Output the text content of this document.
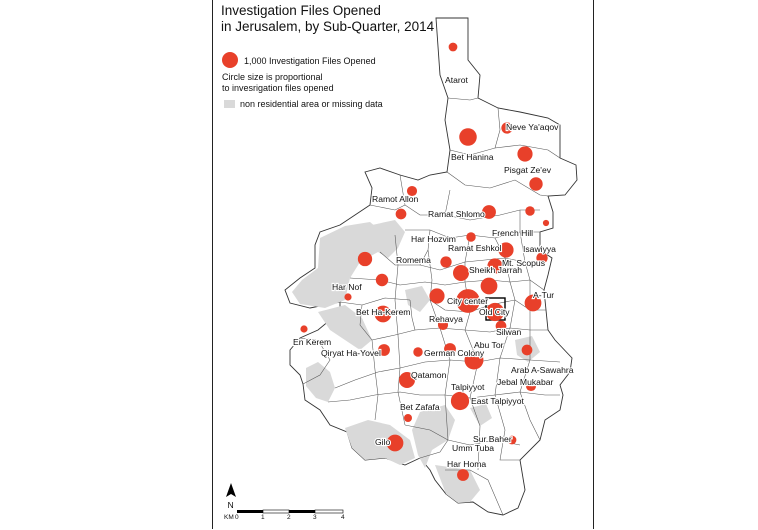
Investigation Files Opened
in Jerusalem, by Sub-Quarter, 2014
Atarot
Neve Ya'aqov
Bet Hanina
Pisgat Ze'ev
Ramot Allon
Ramat Shlomo
French Hill
Har Hozvim
Ramat Eshkol	Isawiyya
Mt. Scopus
Romema
Sheikh Jarrah
Har Nof
City center
A-Tur
Old City
Bet Ha-Kerem
Rehavya
Silwan
En Kerem	Abu Tor
Qiryat Ha-Yovel	German Colony
Arab A-Sawahra
Qatamon
Jebal Mukabar
Talpiyyot
East Talpiyyot
Bet Zafafa
Gilo	Sur Baher
Umm Tuba
Har Homa
N
KM 0	1	2	3	4
1,000 Investigation Files Opened
Circle size is proportional
to invesrigation files opened
non residential area or missing data
